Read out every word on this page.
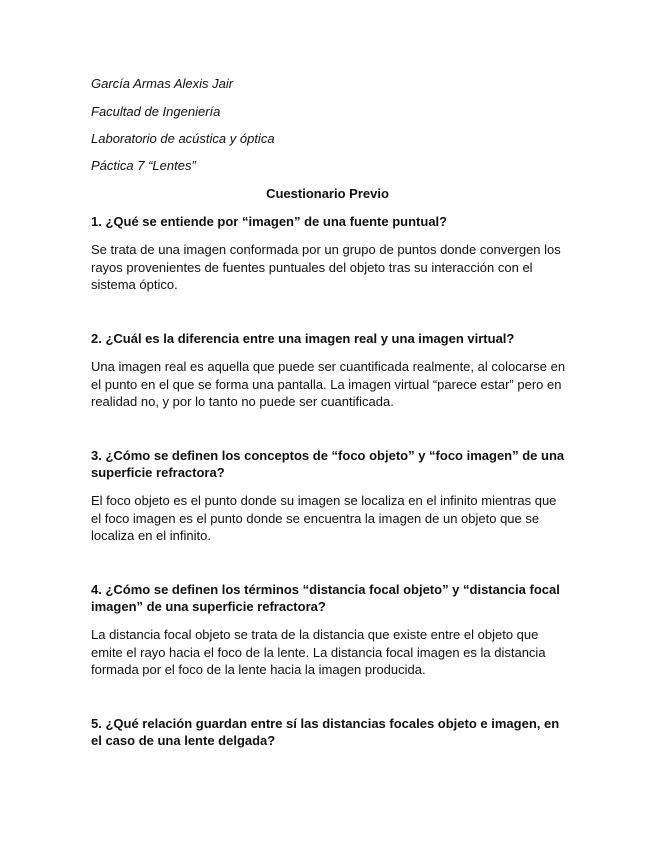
García Armas Alexis Jair
Facultad de Ingeniería
Laboratorio de acústica y óptica
Páctica 7 “Lentes”
Cuestionario Previo
1. ¿Qué se entiende por “imagen” de una fuente puntual?
Se trata de una imagen conformada por un grupo de puntos donde convergen los rayos provenientes de fuentes puntuales del objeto tras su interacción con el sistema óptico.
2. ¿Cuál es la diferencia entre una imagen real y una imagen virtual?
Una imagen real es aquella que puede ser cuantificada realmente, al colocarse en el punto en el que se forma una pantalla. La imagen virtual “parece estar” pero en realidad no, y por lo tanto no puede ser cuantificada.
3. ¿Cómo se definen los conceptos de “foco objeto” y “foco imagen” de una superficie refractora?
El foco objeto es el punto donde su imagen se localiza en el infinito mientras que el foco imagen es el punto donde se encuentra la imagen de un objeto que se localiza en el infinito.
4. ¿Cómo se definen los términos “distancia focal objeto” y “distancia focal imagen” de una superficie refractora?
La distancia focal objeto se trata de la distancia que existe entre el objeto que emite el rayo hacia el foco de la lente. La distancia focal imagen es la distancia formada por el foco de la lente hacia la imagen producida.
5. ¿Qué relación guardan entre sí las distancias focales objeto e imagen, en el caso de una lente delgada?
